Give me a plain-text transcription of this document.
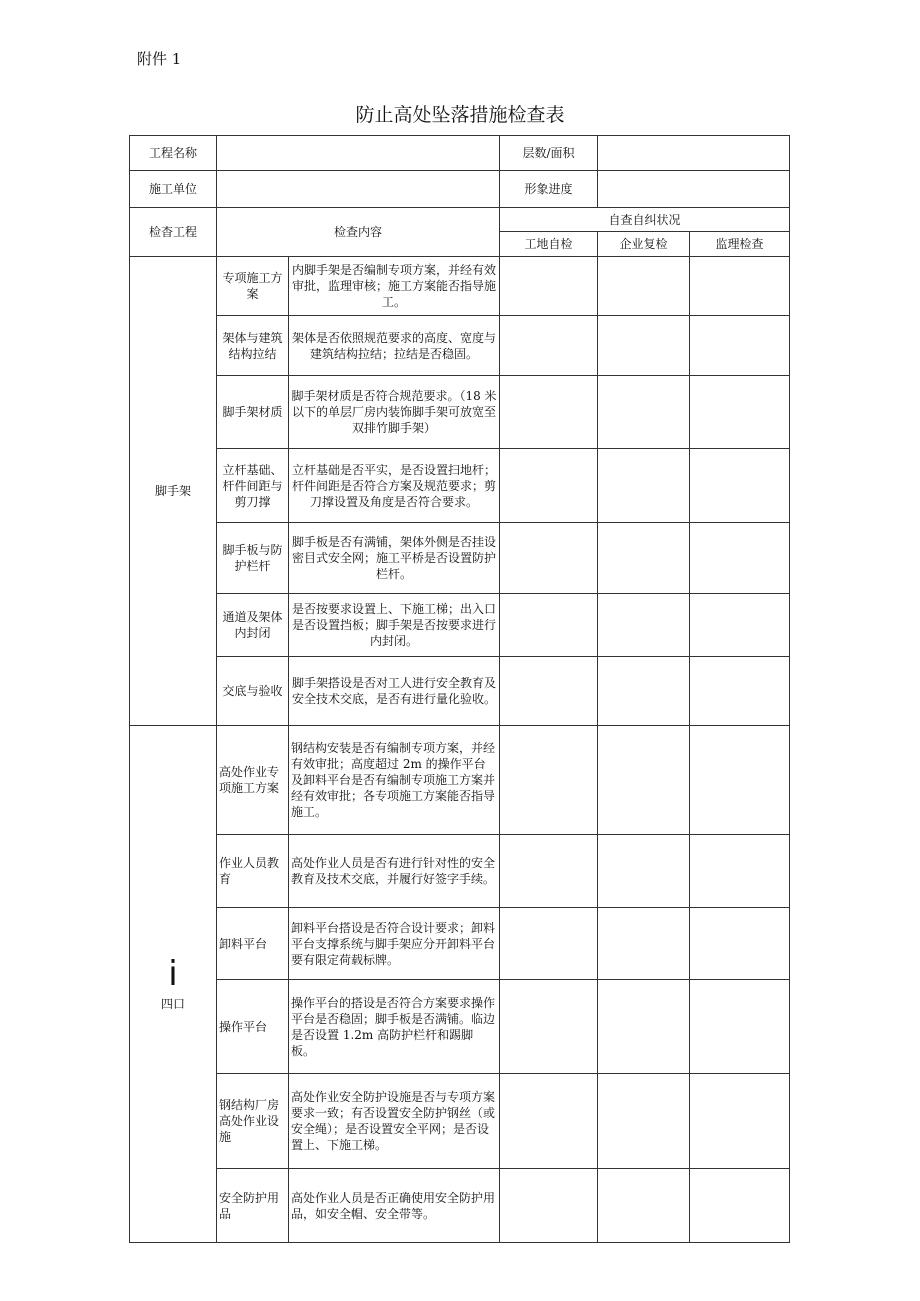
附件 1
防止高处坠落措施检查表
工程名称			层数/面积		
施工单位			形象进度		
检杳工程	检查内容		自查自纠状况		
			工地自检	企业复检	监理检查
脚手架	专项施工方案	内脚手架是否编制专项方案，并经有效审批，监理审核；施工方案能否指导施工。			
	架体与建筑结构拉结	架体是否依照规范要求的高度、宽度与建筑结构拉结；拉结是否稳固。			
	脚手架材质	脚手架材质是否符合规范要求。（18 米以下的单层厂房内装饰脚手架可放宽至双排竹脚手架）			
	立杆基础、杆件间距与剪刀撑	立杆基础是否平实，是否设置扫地杆；杆件间距是否符合方案及规范要求；剪刀撑设置及角度是否符合要求。			
	脚手板与防护栏杆	脚手板是否有满铺，架体外侧是否挂设密目式安全网；施工平桥是否设置防护栏杆。			
	通道及架体内封闭	是否按要求设置上、下施工梯；出入口是否设置挡板；脚手架是否按要求进行内封闭。			
	交底与验收	脚手架搭设是否对工人进行安全教育及安全技术交底，是否有进行量化验收。			

i
四口	高处作业专项施工方案	钢结构安装是否有编制专项方案，并经有效审批；高度超过 2m 的操作平台及卸料平台是否有编制专项施工方案并经有效审批；各专项施工方案能否指导施工。			
	作业人员教育	高处作业人员是否有进行针对性的安全教育及技术交底，并履行好签字手续。			
	卸料平台	卸料平台搭设是否符合设计要求；卸料平台支撑系统与脚手架应分开卸料平台要有限定荷载标牌。			
	操作平台	操作平台的搭设是否符合方案要求操作平台是否稳固；脚手板是否满铺。临边是否设置 1.2m 高防护栏杆和踢脚板。			
	钢结构厂房高处作业设施	高处作业安全防护设施是否与专项方案要求一致；有否设置安全防护钢丝（或安全绳）；是否设置安全平网；是否设置上、下施工梯。			
	安全防护用品	高处作业人员是否正确使用安全防护用品，如安全帽、安全带等。			
